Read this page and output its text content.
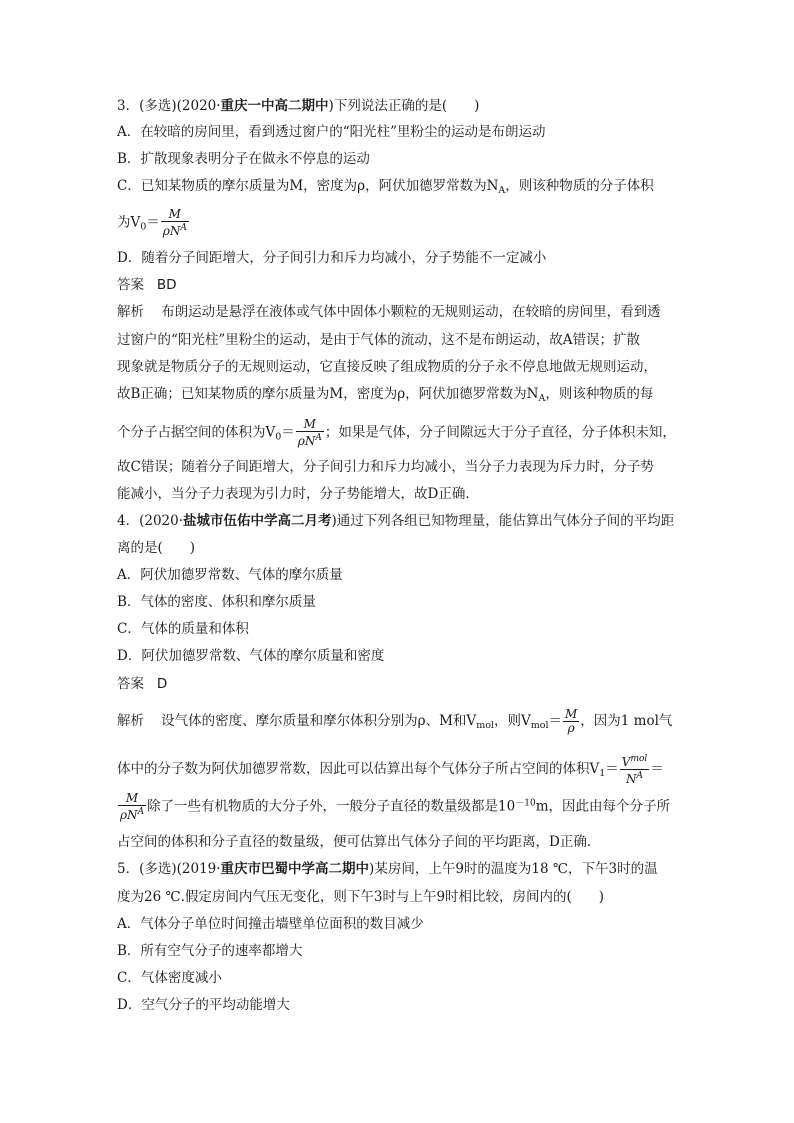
3．(多选)(2020·重庆一中高二期中)下列说法正确的是(　　)
A．在较暗的房间里，看到透过窗户的“阳光柱”里粉尘的运动是布朗运动
B．扩散现象表明分子在做永不停息的运动
C．已知某物质的摩尔质量为M，密度为ρ，阿伏加德罗常数为$N_A$，则该种物质的分子体积
为$V_0= \frac{M}{\rho N^A}$
D．随着分子间距增大，分子间引力和斥力均减小，分子势能不一定减小
答案 BD
解析 布朗运动是悬浮在液体或气体中固体小颗粒的无规则运动，在较暗的房间里，看到透
过窗户的“阳光柱”里粉尘的运动，是由于气体的流动，这不是布朗运动，故A错误；扩散
现象就是物质分子的无规则运动，它直接反映了组成物质的分子永不停息地做无规则运动，
故B正确；已知某物质的摩尔质量为M，密度为ρ，阿伏加德罗常数为$N_A$，则该种物质的每
个分子占据空间的体积为$V_0= \frac{M}{\rho N^A}$ ；如果是气体，分子间隙远大于分子直径，分子体积未知，
故C错误；随着分子间距增大，分子间引力和斥力均减小，当分子力表现为斥力时，分子势
能减小，当分子力表现为引力时，分子势能增大，故D正确．
4．(2020·盐城市伍佑中学高二月考)通过下列各组已知物理量，能估算出气体分子间的平均距
离的是(　　)
A．阿伏加德罗常数、气体的摩尔质量
B．气体的密度、体积和摩尔质量
C．气体的质量和体积
D．阿伏加德罗常数、气体的摩尔质量和密度
答案 D
解析 设气体的密度、摩尔质量和摩尔体积分别为ρ、M和$V_{mol}$，则$V_{mol}= \frac{M}{\rho}$ ，因为1 mol气
体中的分子数为阿伏加德罗常数，因此可以估算出每个气体分子所占空间的体积$V_1= \frac{V^{mol}}{N^A}$ ＝
$\frac{M}{\rho N^A}$ 除了一些有机物质的大分子外，一般分子直径的数量级都是$10^{-10}m$，因此由每个分子所
占空间的体积和分子直径的数量级，便可估算出气体分子间的平均距离，D正确．
5．(多选)(2019·重庆市巴蜀中学高二期中)某房间，上午9时的温度为18 ℃，下午3时的温
度为26 ℃.假定房间内气压无变化，则下午3时与上午9时相比较，房间内的(　　)
A．气体分子单位时间撞击墙壁单位面积的数目减少
B．所有空气分子的速率都增大
C．气体密度减小
D．空气分子的平均动能增大
